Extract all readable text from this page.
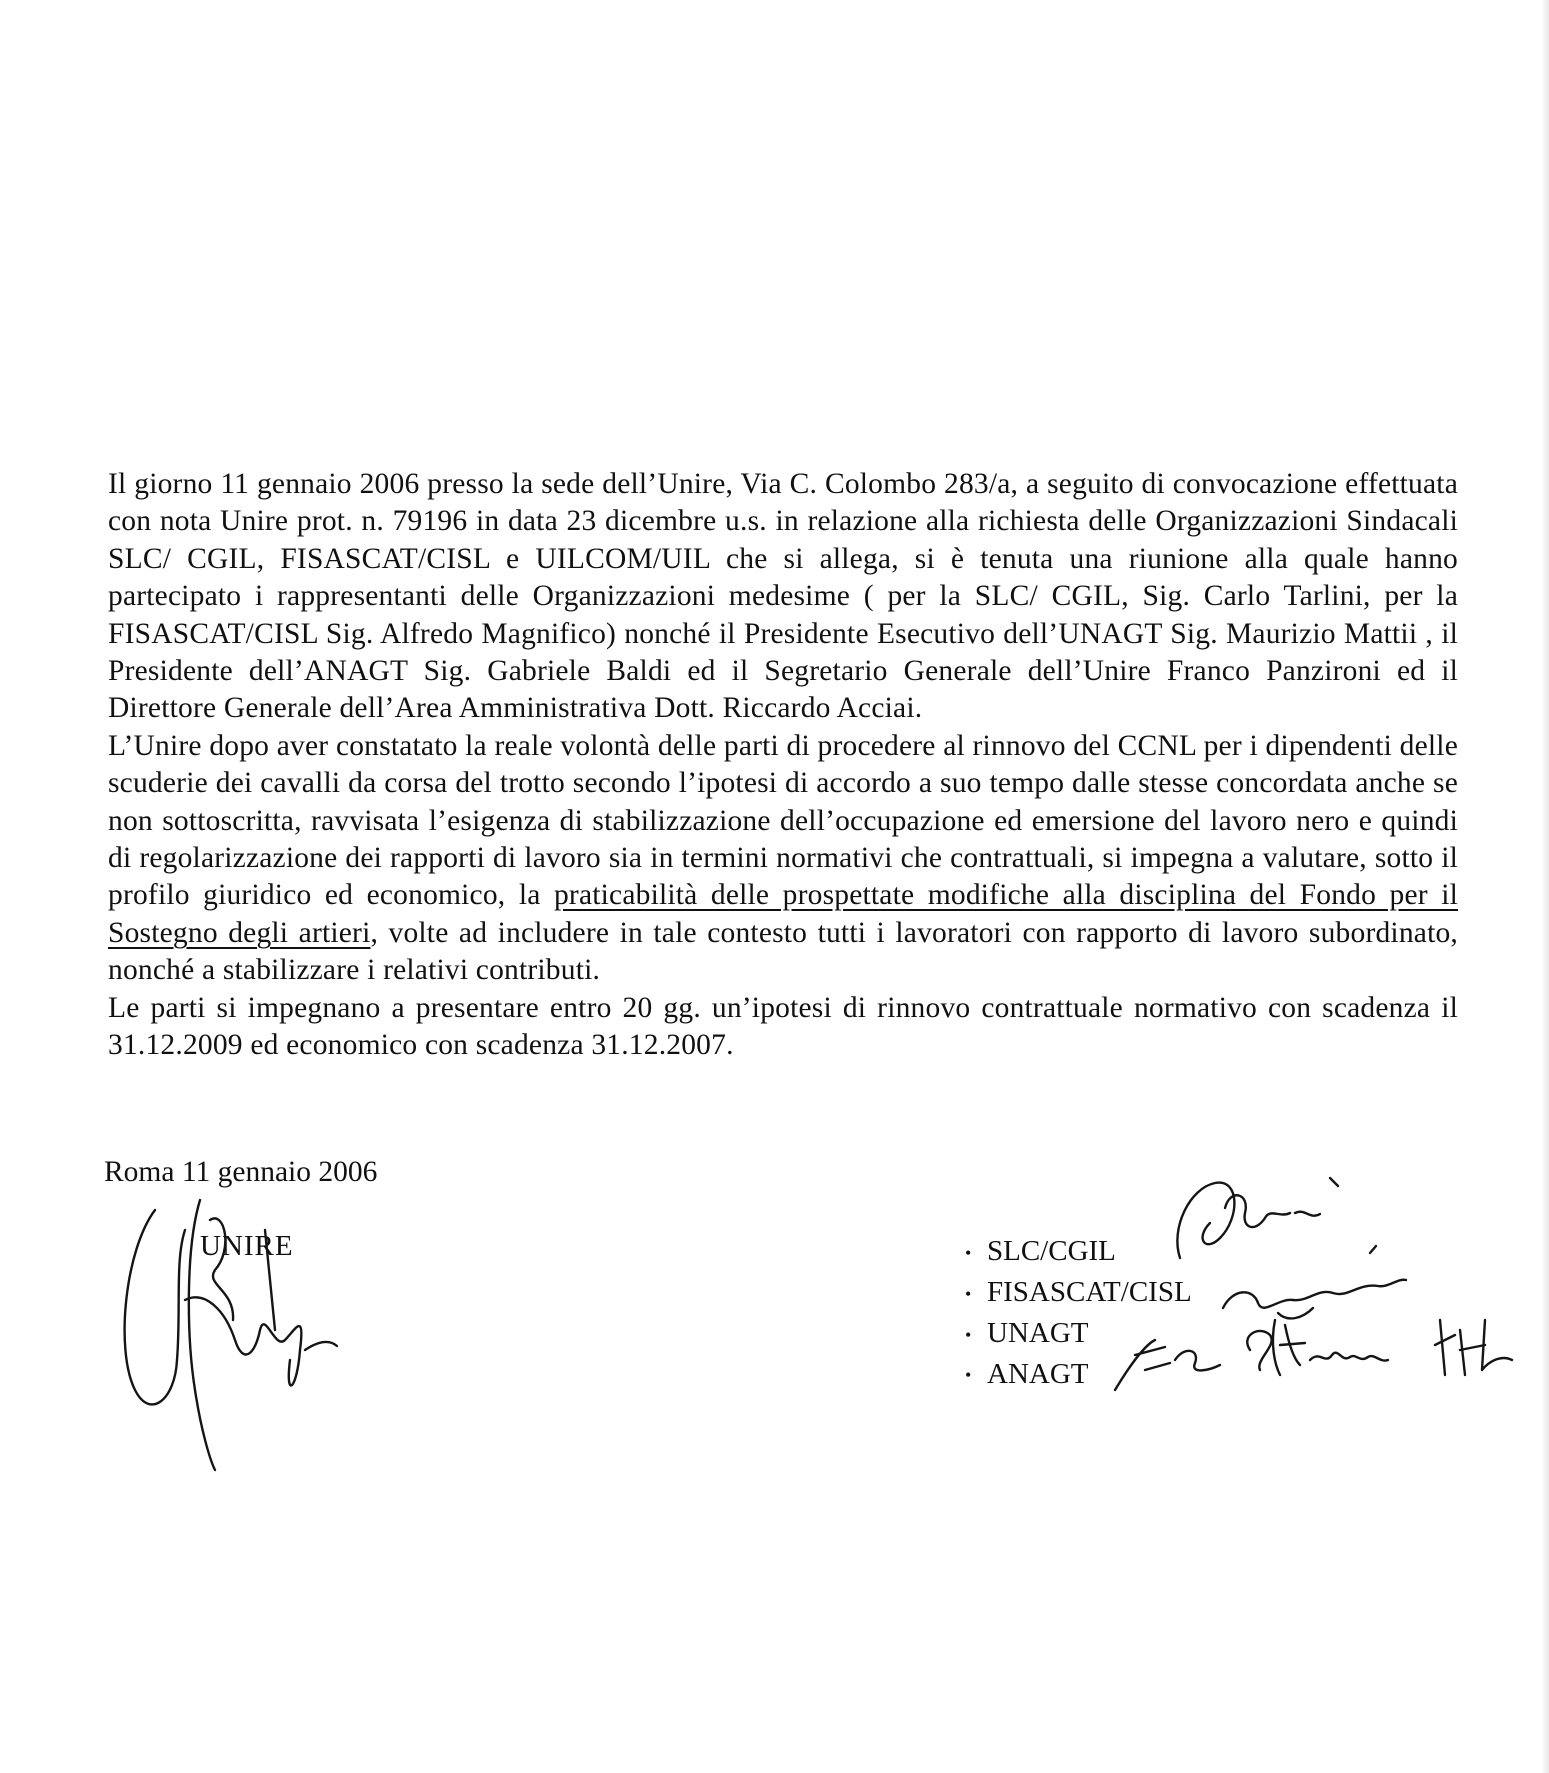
Il giorno 11 gennaio 2006 presso la sede dell’Unire, Via C. Colombo 283/a, a seguito di convocazione effettuata con nota Unire prot. n. 79196 in data 23 dicembre u.s. in relazione alla richiesta delle Organizzazioni Sindacali SLC/ CGIL, FISASCAT/CISL e UILCOM/UIL che si allega, si è tenuta una riunione alla quale hanno partecipato i rappresentanti delle Organizzazioni medesime ( per la SLC/ CGIL, Sig. Carlo Tarlini, per la FISASCAT/CISL Sig. Alfredo Magnifico) nonché il Presidente Esecutivo dell’UNAGT Sig. Maurizio Mattii , il Presidente dell’ANAGT Sig. Gabriele Baldi ed il Segretario Generale dell’Unire Franco Panzironi ed il Direttore Generale dell’Area Amministrativa Dott. Riccardo Acciai.

L’Unire dopo aver constatato la reale volontà delle parti di procedere al rinnovo del CCNL per i dipendenti delle scuderie dei cavalli da corsa del trotto secondo l’ipotesi di accordo a suo tempo dalle stesse concordata anche se non sottoscritta, ravvisata l’esigenza di stabilizzazione dell’occupazione ed emersione del lavoro nero e quindi di regolarizzazione dei rapporti di lavoro sia in termini normativi che contrattuali, si impegna a valutare, sotto il profilo giuridico ed economico, la praticabilità delle prospettate modifiche alla disciplina del Fondo per il Sostegno degli artieri, volte ad includere in tale contesto tutti i lavoratori con rapporto di lavoro subordinato, nonché a stabilizzare i relativi contributi.

Le parti si impegnano a presentare entro 20 gg. un’ipotesi di rinnovo contrattuale normativo con scadenza il 31.12.2009 ed economico con scadenza 31.12.2007.

Roma 11 gennaio 2006
UNIRE
•	SLC/CGIL
• FISASCAT/CISL
• UNAGT
• ANAGT
